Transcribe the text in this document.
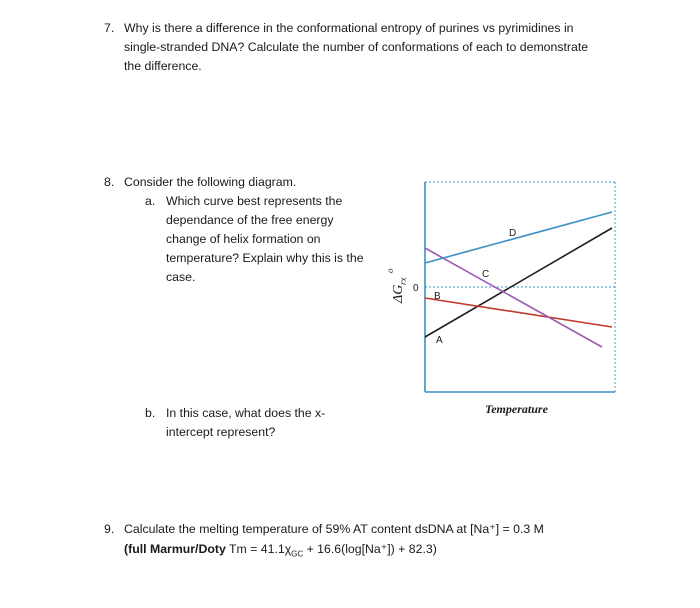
7. Why is there a difference in the conformational entropy of purines vs pyrimidines in
single-stranded DNA? Calculate the number of conformations of each to demonstrate
the difference.
8. Consider the following diagram.
a. Which curve best represents the
dependance of the free energy
change of helix formation on
temperature? Explain why this is the
case.
b. In this case, what does the x-
intercept represent?
A
B
C
D
0
ΔG
rx
o
Temperature
9. Calculate the melting temperature of 59% AT content dsDNA at [Na⁺] = 0.3 M
(full Marmur/Doty $Tm = 41.1\chi_{GC} + 16.6(\log[Na^+]) + 82.3$)
